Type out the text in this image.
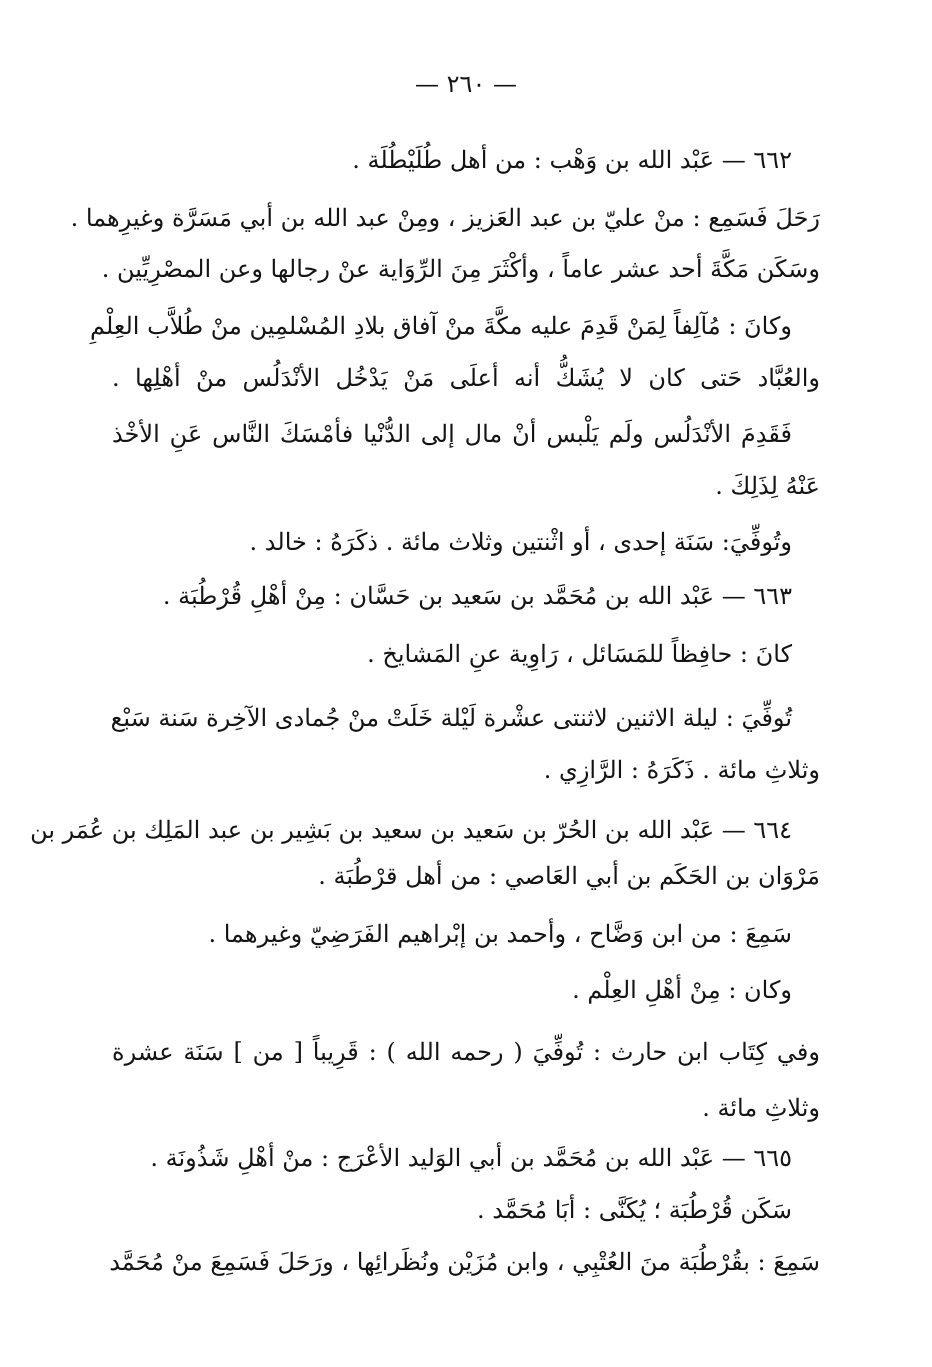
— ٢٦٠ —
٦٦٢ — عَبْد الله بن وَهْب : من أهل طُلَيْطُلَة .
رَحَلَ فَسَمِع : منْ عليّ بن عبد العَزيز ، ومِنْ عبد الله بن أبي مَسَرَّة وغيرِهما .
وسَكَن مَكَّةَ أحد عشر عاماً ، وأكْثَرَ مِنَ الرِّوَاية عنْ رجالها وعن المصْرِيِّين .
وكانَ : مُآلِفاً لِمَنْ قَدِمَ عليه مكَّةَ منْ آفاق بلادِ المُسْلمِين منْ طُلاَّب العِلْمِ
والعُبَّاد حَتى كان لا يُشَكُّ أنه أعلَى مَنْ يَدْخُل الأنْدَلُس منْ أهْلِها .
فَقَدِمَ الأنْدَلُس ولَم يَلْبس أنْ مال إلى الدُّنْيا فأمْسَكَ النَّاس عَنِ الأخْذ
عَنْهُ لِذَلِكَ .
وتُوفِّيَ: سَنَة إحدى ، أو اثْنتين وثلاث مائة . ذكَرَهُ : خالد .
٦٦٣ — عَبْد الله بن مُحَمَّد بن سَعيد بن حَسَّان : مِنْ أهْلِ قُرْطُبَة .
كانَ : حافِظاً للمَسَائل ، رَاوِية عنِ المَشايخ .
تُوفِّيَ : ليلة الاثنين لاثنتى عشْرة لَيْلة خَلَتْ منْ جُمادى الآخِرة سَنة سَبْع
وثلاثِ مائة . ذَكَرَهُ : الرَّازِي .
٦٦٤ — عَبْد الله بن الحُرّ بن سَعيد بن سعيد بن بَشِير بن عبد المَلِك بن عُمَر بن
مَرْوَان بن الحَكَم بن أبي العَاصي : من أهل قرْطُبَة .
سَمِعَ : من ابن وَضَّاح ، وأحمد بن إبْراهيم الفَرَضِيّ وغيرهما .
وكان : مِنْ أهْلِ العِلْم .
وفي كِتَاب ابن حارث : تُوفِّيَ ( رحمه الله ) : قَرِيباً [ من ] سَنَة عشرة
وثلاثِ مائة .
٦٦٥ — عَبْد الله بن مُحَمَّد بن أبي الوَليد الأعْرَج : منْ أهْلِ شَذُونَة .
سَكَن قُرْطُبَة ؛ يُكَنَّى : أبَا مُحَمَّد .
سَمِعَ : بقُرْطُبَة منَ العُتْبِي ، وابن مُزَيْن ونُظَرائِها ، ورَحَلَ فَسَمِعَ منْ مُحَمَّد
